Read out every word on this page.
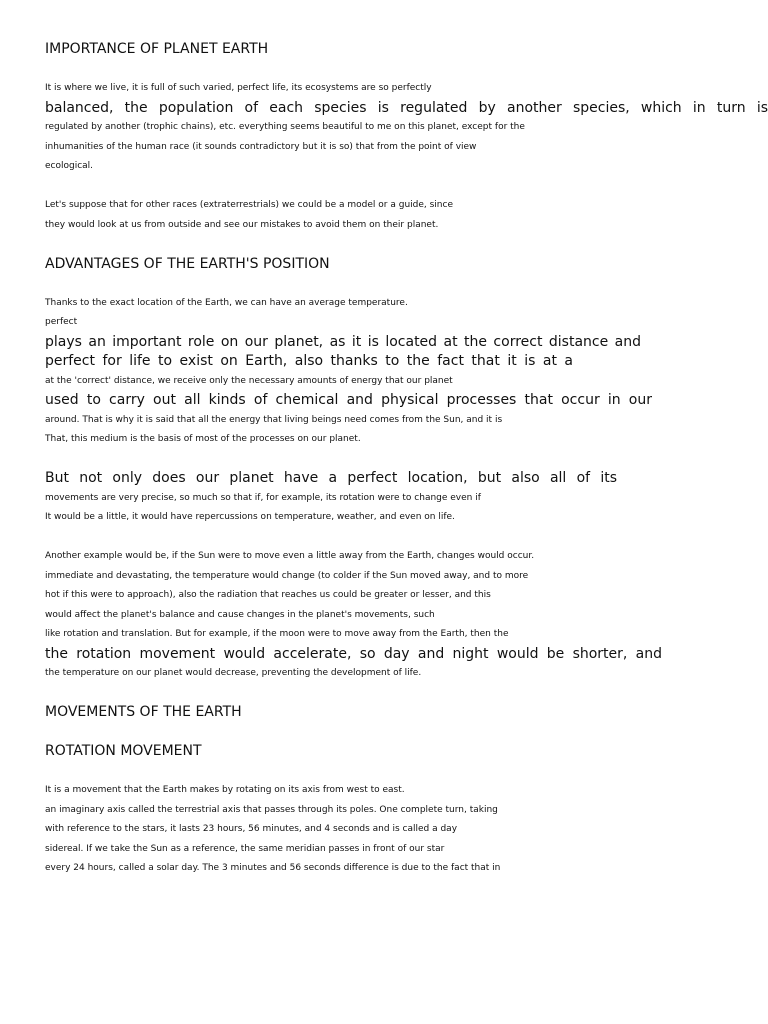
IMPORTANCE OF PLANET EARTH

It is where we live, it is full of such varied, perfect life, its ecosystems are so perfectly
balanced, the population of each species is regulated by another species, which in turn is
regulated by another (trophic chains), etc. everything seems beautiful to me on this planet, except for the
inhumanities of the human race (it sounds contradictory but it is so) that from the point of view
ecological.
Let's suppose that for other races (extraterrestrials) we could be a model or a guide, since
they would look at us from outside and see our mistakes to avoid them on their planet.

ADVANTAGES OF THE EARTH'S POSITION

Thanks to the exact location of the Earth, we can have an average temperature.
perfect
plays an important role on our planet, as it is located at the correct distance and
perfect for life to exist on Earth, also thanks to the fact that it is at a
at the 'correct' distance, we receive only the necessary amounts of energy that our planet
used to carry out all kinds of chemical and physical processes that occur in our
around. That is why it is said that all the energy that living beings need comes from the Sun, and it is
That, this medium is the basis of most of the processes on our planet.
But not only does our planet have a perfect location, but also all of its
movements are very precise, so much so that if, for example, its rotation were to change even if
It would be a little, it would have repercussions on temperature, weather, and even on life.
Another example would be, if the Sun were to move even a little away from the Earth, changes would occur.
immediate and devastating, the temperature would change (to colder if the Sun moved away, and to more
hot if this were to approach), also the radiation that reaches us could be greater or lesser, and this
would affect the planet's balance and cause changes in the planet's movements, such
like rotation and translation. But for example, if the moon were to move away from the Earth, then the
the rotation movement would accelerate, so day and night would be shorter, and
the temperature on our planet would decrease, preventing the development of life.

MOVEMENTS OF THE EARTH

ROTATION MOVEMENT

It is a movement that the Earth makes by rotating on its axis from west to east.
an imaginary axis called the terrestrial axis that passes through its poles. One complete turn, taking
with reference to the stars, it lasts 23 hours, 56 minutes, and 4 seconds and is called a day
sidereal. If we take the Sun as a reference, the same meridian passes in front of our star
every 24 hours, called a solar day. The 3 minutes and 56 seconds difference is due to the fact that in
